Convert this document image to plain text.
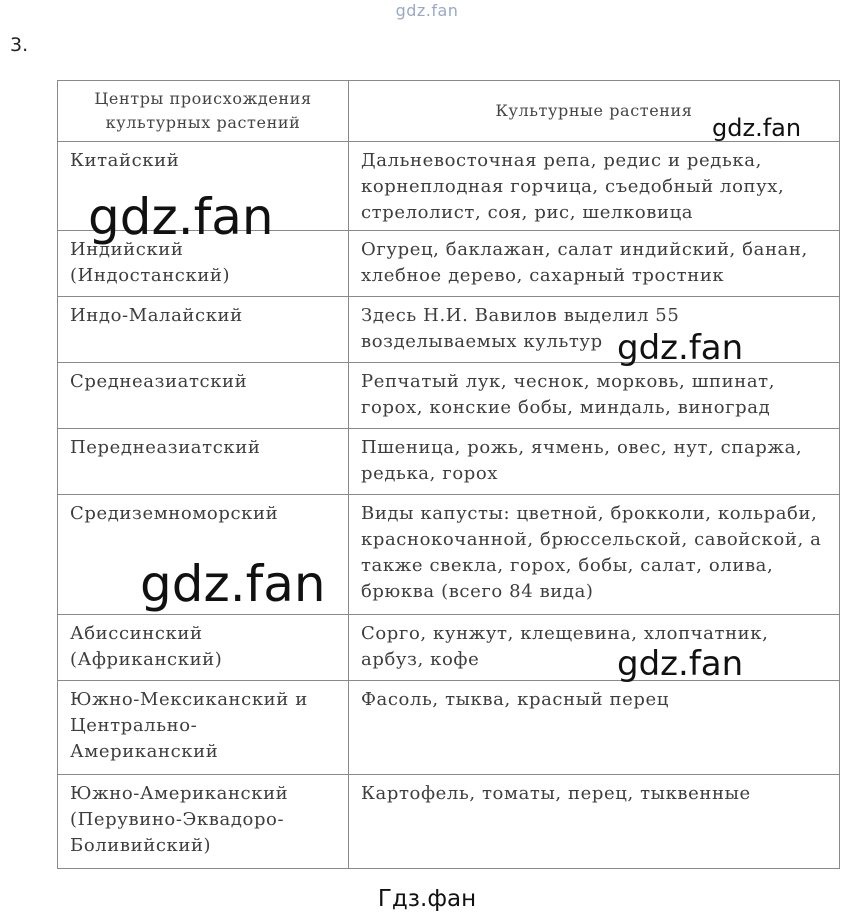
gdz.fan
3.
Центры происхождения культурных растений	Культурные растения
Китайский	Дальневосточная репа, редис и редька, корнеплодная горчица, съедобный лопух, стрелолист, соя, рис, шелковица
Индийский (Индостанский)	Огурец, баклажан, салат индийский, банан, хлебное дерево, сахарный тростник
Индо-Малайский	Здесь Н.И. Вавилов выделил 55 возделываемых культур
Среднеазиатский	Репчатый лук, чеснок, морковь, шпинат, горох, конские бобы, миндаль, виноград
Переднеазиатский	Пшеница, рожь, ячмень, овес, нут, спаржа, редька, горох
Средиземноморский	Виды капусты: цветной, брокколи, кольраби, краснокочанной, брюссельской, савойской, а также свекла, горох, бобы, салат, олива, брюква (всего 84 вида)
Абиссинский (Африканский)	Сорго, кунжут, клещевина, хлопчатник, арбуз, кофе
Южно-Мексиканский и Центрально-Американский	Фасоль, тыква, красный перец
Южно-Американский (Перувино-Эквадоро-Боливийский)	Картофель, томаты, перец, тыквенные
gdz.fan
gdz.fan
gdz.fan
gdz.fan
gdz.fan
Гдз.фан
